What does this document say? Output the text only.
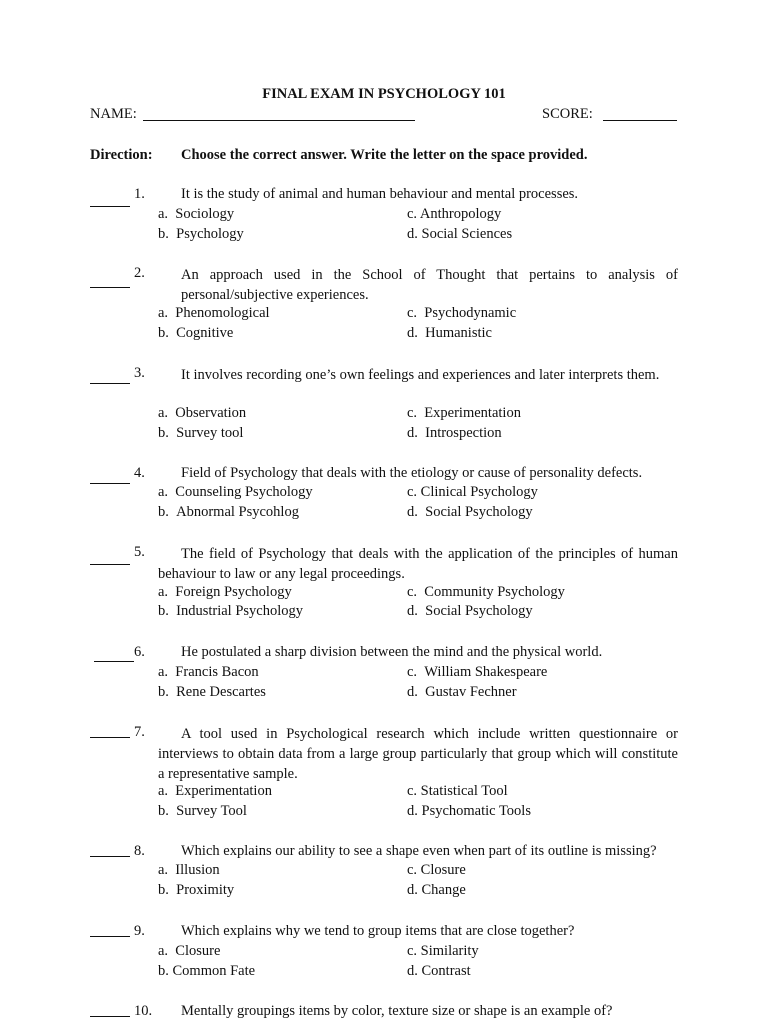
FINAL EXAM IN PSYCHOLOGY 101
NAME:	SCORE:
Direction: Choose the correct answer. Write the letter on the space provided.
1. It is the study of animal and human behaviour and mental processes.
a.  Sociology
b.  Psychology
c. Anthropology
d. Social Sciences
2.	An approach used in the School of Thought that pertains to analysis of personal/subjective experiences.
a.  Phenomological
b.  Cognitive
c.  Psychodynamic
d.  Humanistic
3.	It involves recording one’s own feelings and experiences and later interprets them.
a.  Observation
b.  Survey tool
c.  Experimentation
d.  Introspection
4. Field of Psychology that deals with the etiology or cause of personality defects.
a.  Counseling Psychology
b.  Abnormal Psycohlog
c. Clinical Psychology
d.  Social Psychology
5.	The field of Psychology that deals with the application of the principles of human behaviour to law or any legal proceedings.
a.  Foreign Psychology
b.  Industrial Psychology
c.  Community Psychology
d.  Social Psychology
6. He postulated a sharp division between the mind and the physical world.
a.  Francis Bacon
b.  Rene Descartes
c.  William Shakespeare
d.  Gustav Fechner
7.	A tool used in Psychological research which include written questionnaire or interviews to obtain data from a large group particularly that group which will constitute a representative sample.
a.  Experimentation
b.  Survey Tool
c. Statistical Tool
d. Psychomatic Tools
8. Which explains our ability to see a shape even when part of its outline is missing?
a.  Illusion
b.  Proximity
c. Closure
d. Change
9. Which explains why we tend to group items that are close together?
a.  Closure
b. Common Fate
c. Similarity
d. Contrast
10. Mentally groupings items by color, texture size or shape is an example of?
